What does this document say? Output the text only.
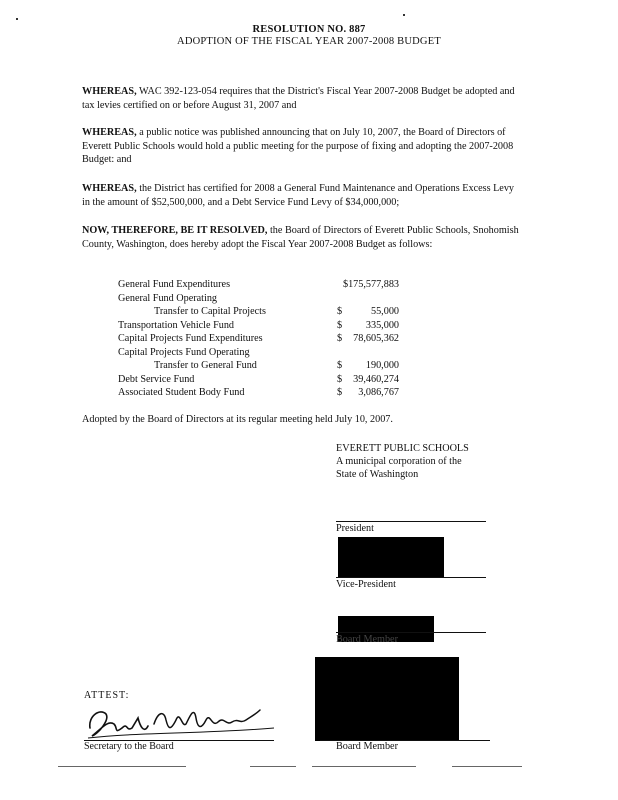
RESOLUTION NO. 887
ADOPTION OF THE FISCAL YEAR 2007-2008 BUDGET
WHEREAS, WAC 392-123-054 requires that the District's Fiscal Year 2007-2008 Budget be adopted and tax levies certified on or before August 31, 2007 and
WHEREAS, a public notice was published announcing that on July 10, 2007, the Board of Directors of Everett Public Schools would hold a public meeting for the purpose of fixing and adopting the 2007-2008 Budget: and
WHEREAS, the District has certified for 2008 a General Fund Maintenance and Operations Excess Levy in the amount of $52,500,000, and a Debt Service Fund Levy of $34,000,000;
NOW, THEREFORE, BE IT RESOLVED, the Board of Directors of Everett Public Schools, Snohomish County, Washington, does hereby adopt the Fiscal Year 2007-2008 Budget as follows:
General Fund Expenditures	$175,577,883
General Fund Operating
Transfer to Capital Projects	$	55,000
Transportation Vehicle Fund	$ 335,000
Capital Projects Fund Expenditures	$ 78,605,362
Capital Projects Fund Operating
Transfer to General Fund	$ 190,000
Debt Service Fund	$ 39,460,274
Associated Student Body Fund	$ 3,086,767
Adopted by the Board of Directors at its regular meeting held July 10, 2007.
EVERETT PUBLIC SCHOOLS
A municipal corporation of the
State of Washington
President
Vice-President
Board Member
Board Member
ATTEST:
Secretary to the Board
